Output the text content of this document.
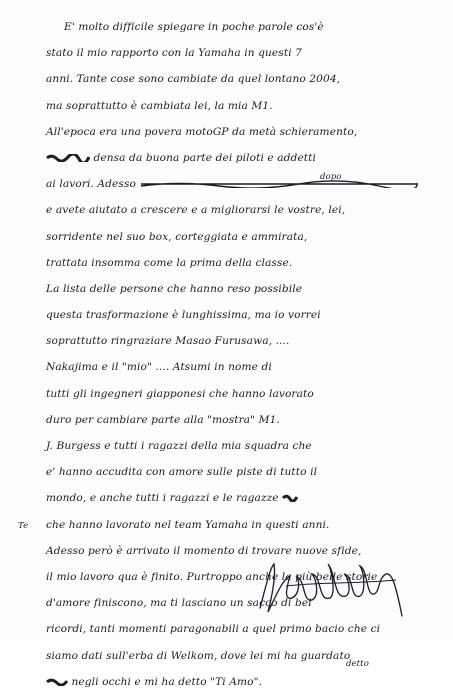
E' molto difficile spiegare in poche parole cos'è
stato il mio rapporto con la Yamaha in questi 7
anni. Tante cose sono cambiate da quel lontano 2004,
ma soprattutto è cambiata lei, la mia M1.
All'epoca era una povera motoGP da metà schieramento,
densa da buona parte dei piloti e addetti
ai lavori. Adesso
dopo
e avete aiutato a crescere e a migliorarsi le vostre, lei,
sorridente nel suo box, corteggiata e ammirata,
trattata insomma come la prima della classe.
La lista delle persone che hanno reso possibile
questa trasformazione è lunghissima, ma io vorrei
soprattutto ringraziare Masao Furusawa, ....
Nakajima e il "mio" .... Atsumi in nome di
tutti gli ingegneri giapponesi che hanno lavorato
duro per cambiare parte alla "mostra" M1.
J. Burgess e tutti i ragazzi della mia squadra che
e' hanno accudita con amore sulle piste di tutto il
mondo, e anche tutti i ragazzi e le ragazze
Te che hanno lavorato nel team Yamaha in questi anni.
Adesso però è arrivato il momento di trovare nuove sfide,
il mio lavoro qua è finito. Purtroppo anche la più belle storie
d'amore finiscono, ma ti lasciano un sacco di bei
ricordi, tanti momenti paragonabili a quel primo bacio che ci
siamo dati sull'erba di Welkom, dove lei mi ha guardato
detto
negli occhi e mi ha detto "Ti Amo".
